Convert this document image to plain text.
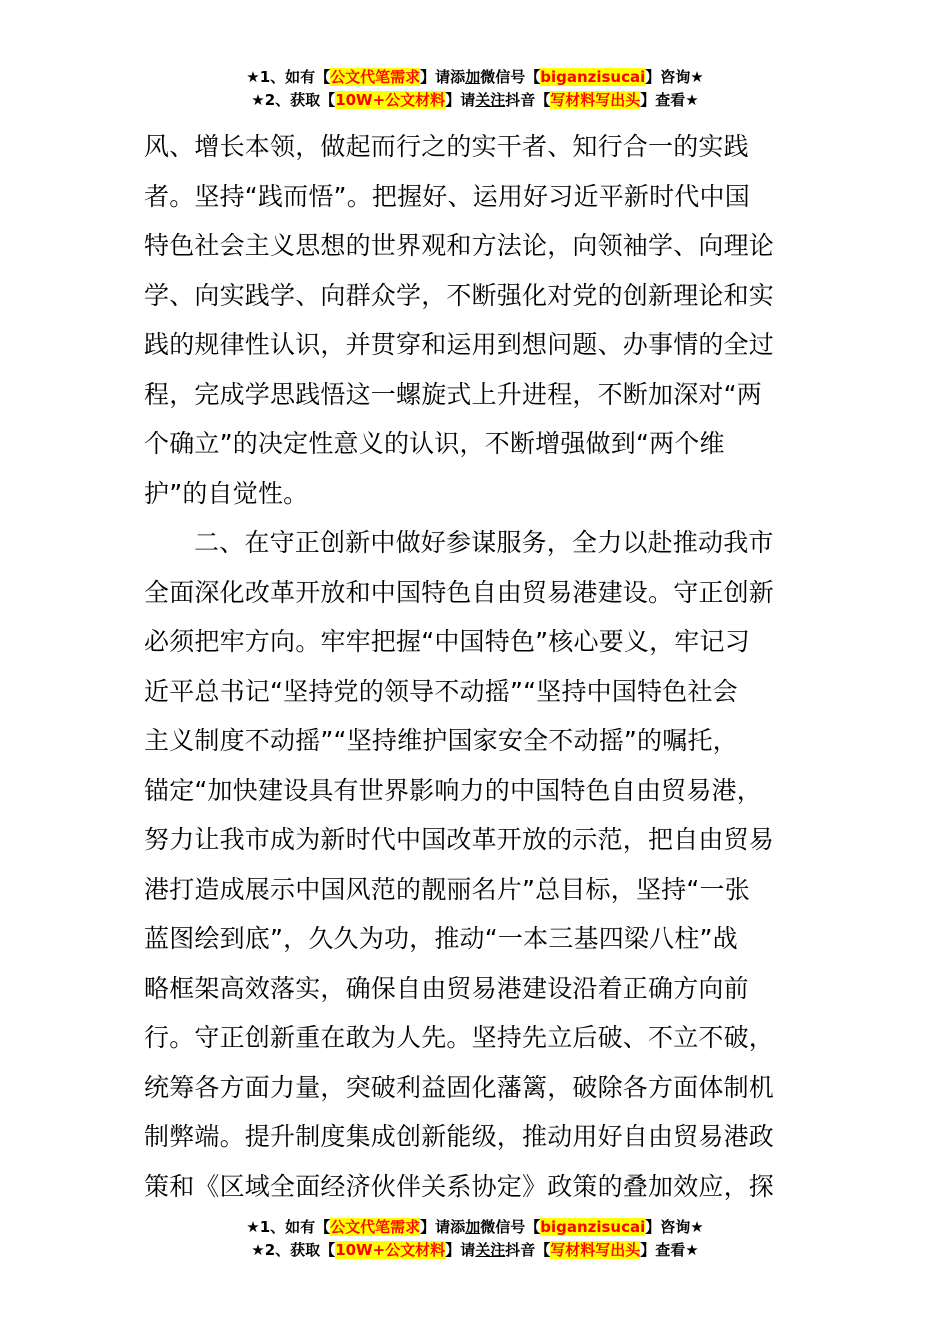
★1、如有【公文代笔需求】请添加微信号【biganzisucai】咨询★
★2、获取【10W+公文材料】请关注抖音【写材料写出头】查看★
风、增长本领，做起而行之的实干者、知行合一的实践
者。坚持“践而悟”。把握好、运用好习近平新时代中国
特色社会主义思想的世界观和方法论，向领袖学、向理论
学、向实践学、向群众学，不断强化对党的创新理论和实
践的规律性认识，并贯穿和运用到想问题、办事情的全过
程，完成学思践悟这一螺旋式上升进程，不断加深对“两
个确立”的决定性意义的认识，不断增强做到“两个维
护”的自觉性。
二、在守正创新中做好参谋服务，全力以赴推动我市
全面深化改革开放和中国特色自由贸易港建设。守正创新
必须把牢方向。牢牢把握“中国特色”核心要义，牢记习
近平总书记“坚持党的领导不动摇”“坚持中国特色社会
主义制度不动摇”“坚持维护国家安全不动摇”的嘱托，
锚定“加快建设具有世界影响力的中国特色自由贸易港，
努力让我市成为新时代中国改革开放的示范，把自由贸易
港打造成展示中国风范的靓丽名片”总目标，坚持“一张
蓝图绘到底”，久久为功，推动“一本三基四梁八柱”战
略框架高效落实，确保自由贸易港建设沿着正确方向前
行。守正创新重在敢为人先。坚持先立后破、不立不破，
统筹各方面力量，突破利益固化藩篱，破除各方面体制机
制弊端。提升制度集成创新能级，推动用好自由贸易港政
策和《区域全面经济伙伴关系协定》政策的叠加效应，探
★1、如有【公文代笔需求】请添加微信号【biganzisucai】咨询★
★2、获取【10W+公文材料】请关注抖音【写材料写出头】查看★
